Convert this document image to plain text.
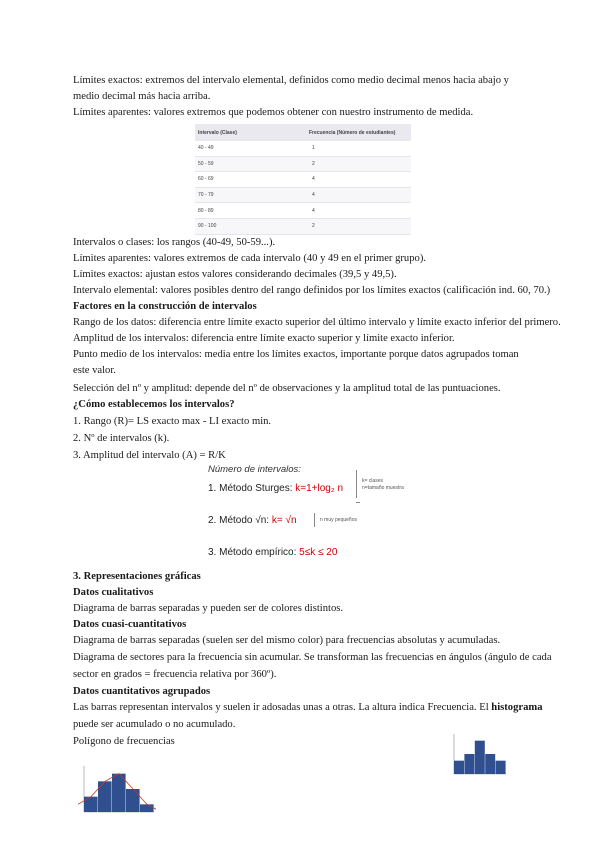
Límites exactos: extremos del intervalo elemental, definidos como medio decimal menos hacia abajo y
medio decimal más hacia arriba.
Límites aparentes: valores extremos que podemos obtener con nuestro instrumento de medida.
Intervalo (Clase)	Frecuencia (Número de estudiantes)
40 - 49	1
50 - 59	2
60 - 69	4
70 - 79	4
80 - 89	4
90 - 100	2
Intervalos o clases: los rangos (40-49, 50-59...).
Límites aparentes: valores extremos de cada intervalo (40 y 49 en el primer grupo).
Límites exactos: ajustan estos valores considerando decimales (39,5 y 49,5).
Intervalo elemental: valores posibles dentro del rango definidos por los límites exactos (calificación ind. 60, 70.)
Factores en la construcción de intervalos
Rango de los datos: diferencia entre límite exacto superior del último intervalo y límite exacto inferior del primero.
Amplitud de los intervalos: diferencia entre límite exacto superior y límite exacto inferior.
Punto medio de los intervalos: media entre los límites exactos, importante porque datos agrupados toman
este valor.
Selección del nº y amplitud: depende del nº de observaciones y la amplitud total de las puntuaciones.
¿Cómo establecemos los intervalos?
1. Rango (R)= LS exacto max - LI exacto min.
2. Nº de intervalos (k).
3. Amplitud del intervalo (A) = R/K
Número de intervalos:
1. Método Sturges: k=1+log₂ n
k= clases
n=tamaño muestra
2. Método √n: k= √n	n muy pequeños
3. Método empírico: 5≤k ≤ 20
3. Representaciones gráficas
Datos cualitativos
Diagrama de barras separadas y pueden ser de colores distintos.
Datos cuasi-cuantitativos
Diagrama de barras separadas (suelen ser del mismo color) para frecuencias absolutas y acumuladas.
Diagrama de sectores para la frecuencia sin acumular. Se transforman las frecuencias en ángulos (ángulo de cada
sector en grados = frecuencia relativa por 360º).
Datos cuantitativos agrupados
Las barras representan intervalos y suelen ir adosadas unas a otras. La altura indica Frecuencia. El histograma
puede ser acumulado o no acumulado.
Polígono de frecuencias
